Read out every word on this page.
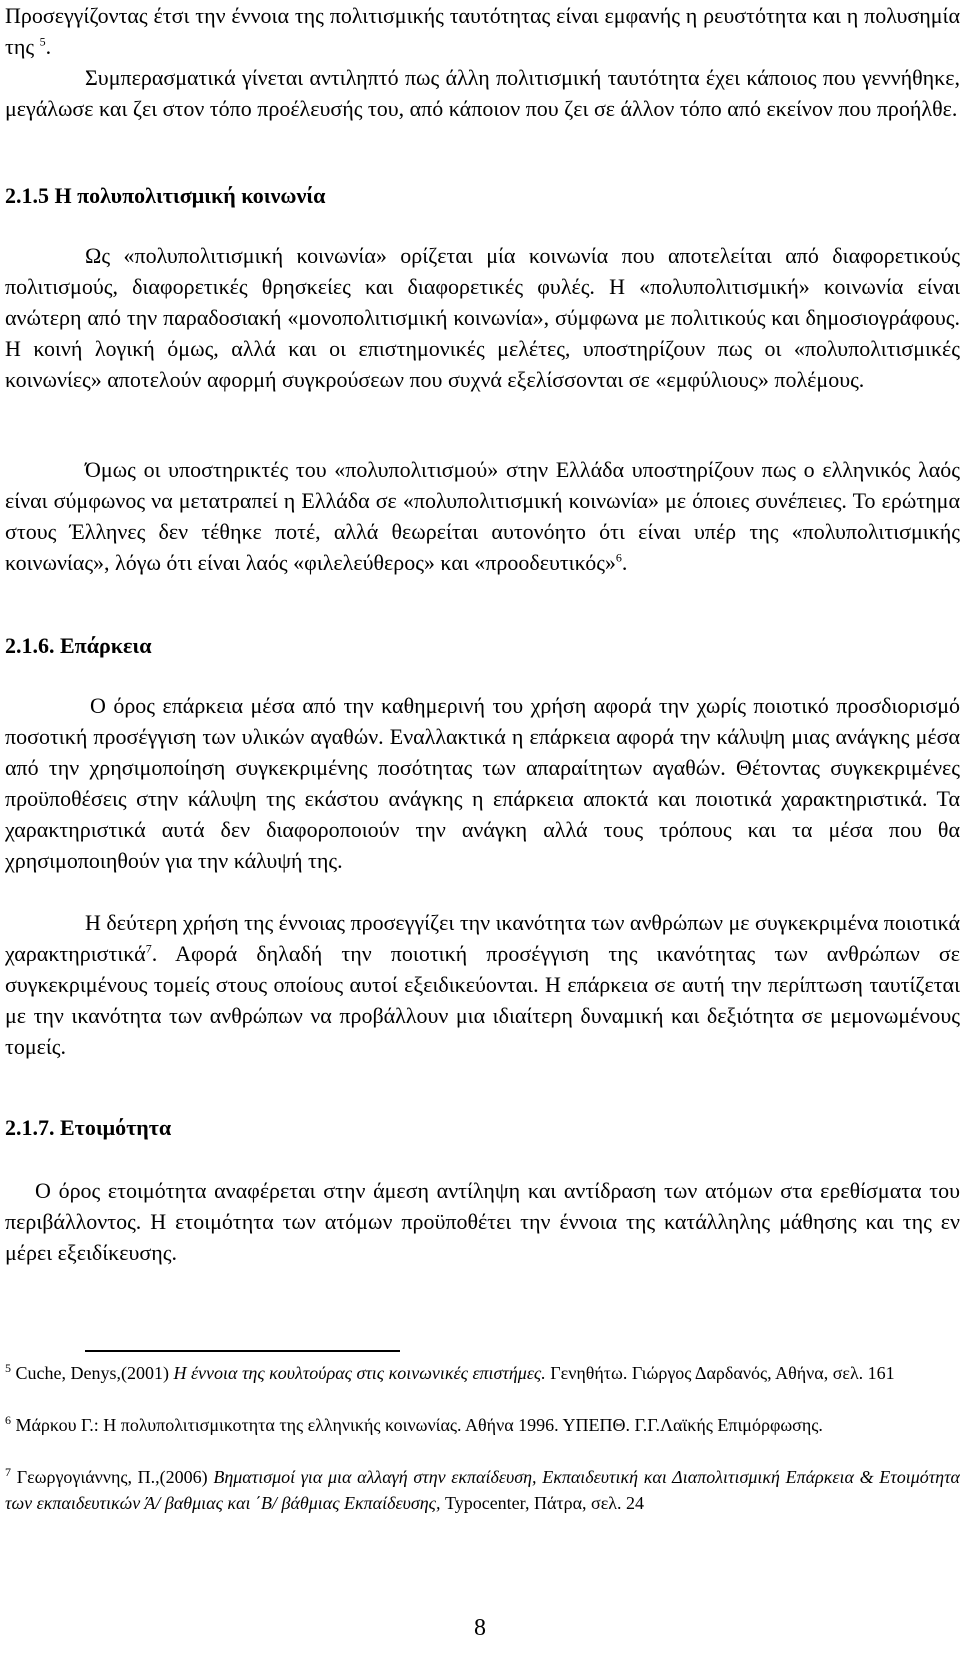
Προσεγγίζοντας έτσι την έννοια της πολιτισμικής ταυτότητας είναι εμφανής η ρευστότητα και η πολυσημία της $^5$.

Συμπερασματικά γίνεται αντιληπτό πως άλλη πολιτισμική ταυτότητα έχει κάποιος που γεννήθηκε, μεγάλωσε και ζει στον τόπο προέλευσής του, από κάποιον που ζει σε άλλον τόπο από εκείνον που προήλθε.

2.1.5 Η πολυπολιτισμική κοινωνία

Ως «πολυπολιτισμική κοινωνία» ορίζεται μία κοινωνία που αποτελείται από διαφορετικούς πολιτισμούς, διαφορετικές θρησκείες και διαφορετικές φυλές. Η «πολυπολιτισμική» κοινωνία είναι ανώτερη από την παραδοσιακή «μονοπολιτισμική κοινωνία», σύμφωνα με πολιτικούς και δημοσιογράφους. Η κοινή λογική όμως, αλλά και οι επιστημονικές μελέτες, υποστηρίζουν πως οι «πολυπολιτισμικές κοινωνίες» αποτελούν αφορμή συγκρούσεων που συχνά εξελίσσονται σε «εμφύλιους» πολέμους.

Όμως οι υποστηρικτές του «πολυπολιτισμού» στην Ελλάδα υποστηρίζουν πως ο ελληνικός λαός είναι σύμφωνος να μετατραπεί η Ελλάδα σε «πολυπολιτισμική κοινωνία» με όποιες συνέπειες. Το ερώτημα στους Έλληνες δεν τέθηκε ποτέ, αλλά θεωρείται αυτονόητο ότι είναι υπέρ της «πολυπολιτισμικής κοινωνίας», λόγω ότι είναι λαός «φιλελεύθερος» και «προοδευτικός»$^6$.

2.1.6. Επάρκεια

Ο όρος επάρκεια μέσα από την καθημερινή του χρήση αφορά την χωρίς ποιοτικό προσδιορισμό ποσοτική προσέγγιση των υλικών αγαθών. Εναλλακτικά η επάρκεια αφορά την κάλυψη μιας ανάγκης μέσα από την χρησιμοποίηση συγκεκριμένης ποσότητας των απαραίτητων αγαθών. Θέτοντας συγκεκριμένες προϋποθέσεις στην κάλυψη της εκάστου ανάγκης η επάρκεια αποκτά και ποιοτικά χαρακτηριστικά. Τα χαρακτηριστικά αυτά δεν διαφοροποιούν την ανάγκη αλλά τους τρόπους και τα μέσα που θα χρησιμοποιηθούν για την κάλυψή της.

Η δεύτερη χρήση της έννοιας προσεγγίζει την ικανότητα των ανθρώπων με συγκεκριμένα ποιοτικά χαρακτηριστικά$^7$. Αφορά δηλαδή την ποιοτική προσέγγιση της ικανότητας των ανθρώπων σε συγκεκριμένους τομείς στους οποίους αυτοί εξειδικεύονται. Η επάρκεια σε αυτή την περίπτωση ταυτίζεται με την ικανότητα των ανθρώπων να προβάλλουν μια ιδιαίτερη δυναμική και δεξιότητα σε μεμονωμένους τομείς.

2.1.7. Ετοιμότητα

Ο όρος ετοιμότητα αναφέρεται στην άμεση αντίληψη και αντίδραση των ατόμων στα ερεθίσματα του περιβάλλοντος. Η ετοιμότητα των ατόμων προϋποθέτει την έννοια της κατάλληλης μάθησης και της εν μέρει εξειδίκευσης.

$^5$ Cuche, Denys,(2001) Η έννοια της κουλτούρας στις κοινωνικές επιστήμες. Γενηθήτω. Γιώργος Δαρδανός, Αθήνα, σελ. 161

$^6$ Μάρκου Γ.: Η πολυπολιτισμικοτητα της ελληνικής κοινωνίας. Αθήνα 1996. ΥΠΕΠΘ. Γ.Γ.Λαϊκής Επιμόρφωσης.

$^7$ Γεωργογιάννης, Π.,(2006) Βηματισμοί για μια αλλαγή στην εκπαίδευση, Εκπαιδευτική και Διαπολιτισμική Επάρκεια & Ετοιμότητα των εκπαιδευτικών Ά/ βαθμιας και ΄Β/ βάθμιας Εκπαίδευσης, Typocenter, Πάτρα, σελ. 24

8
